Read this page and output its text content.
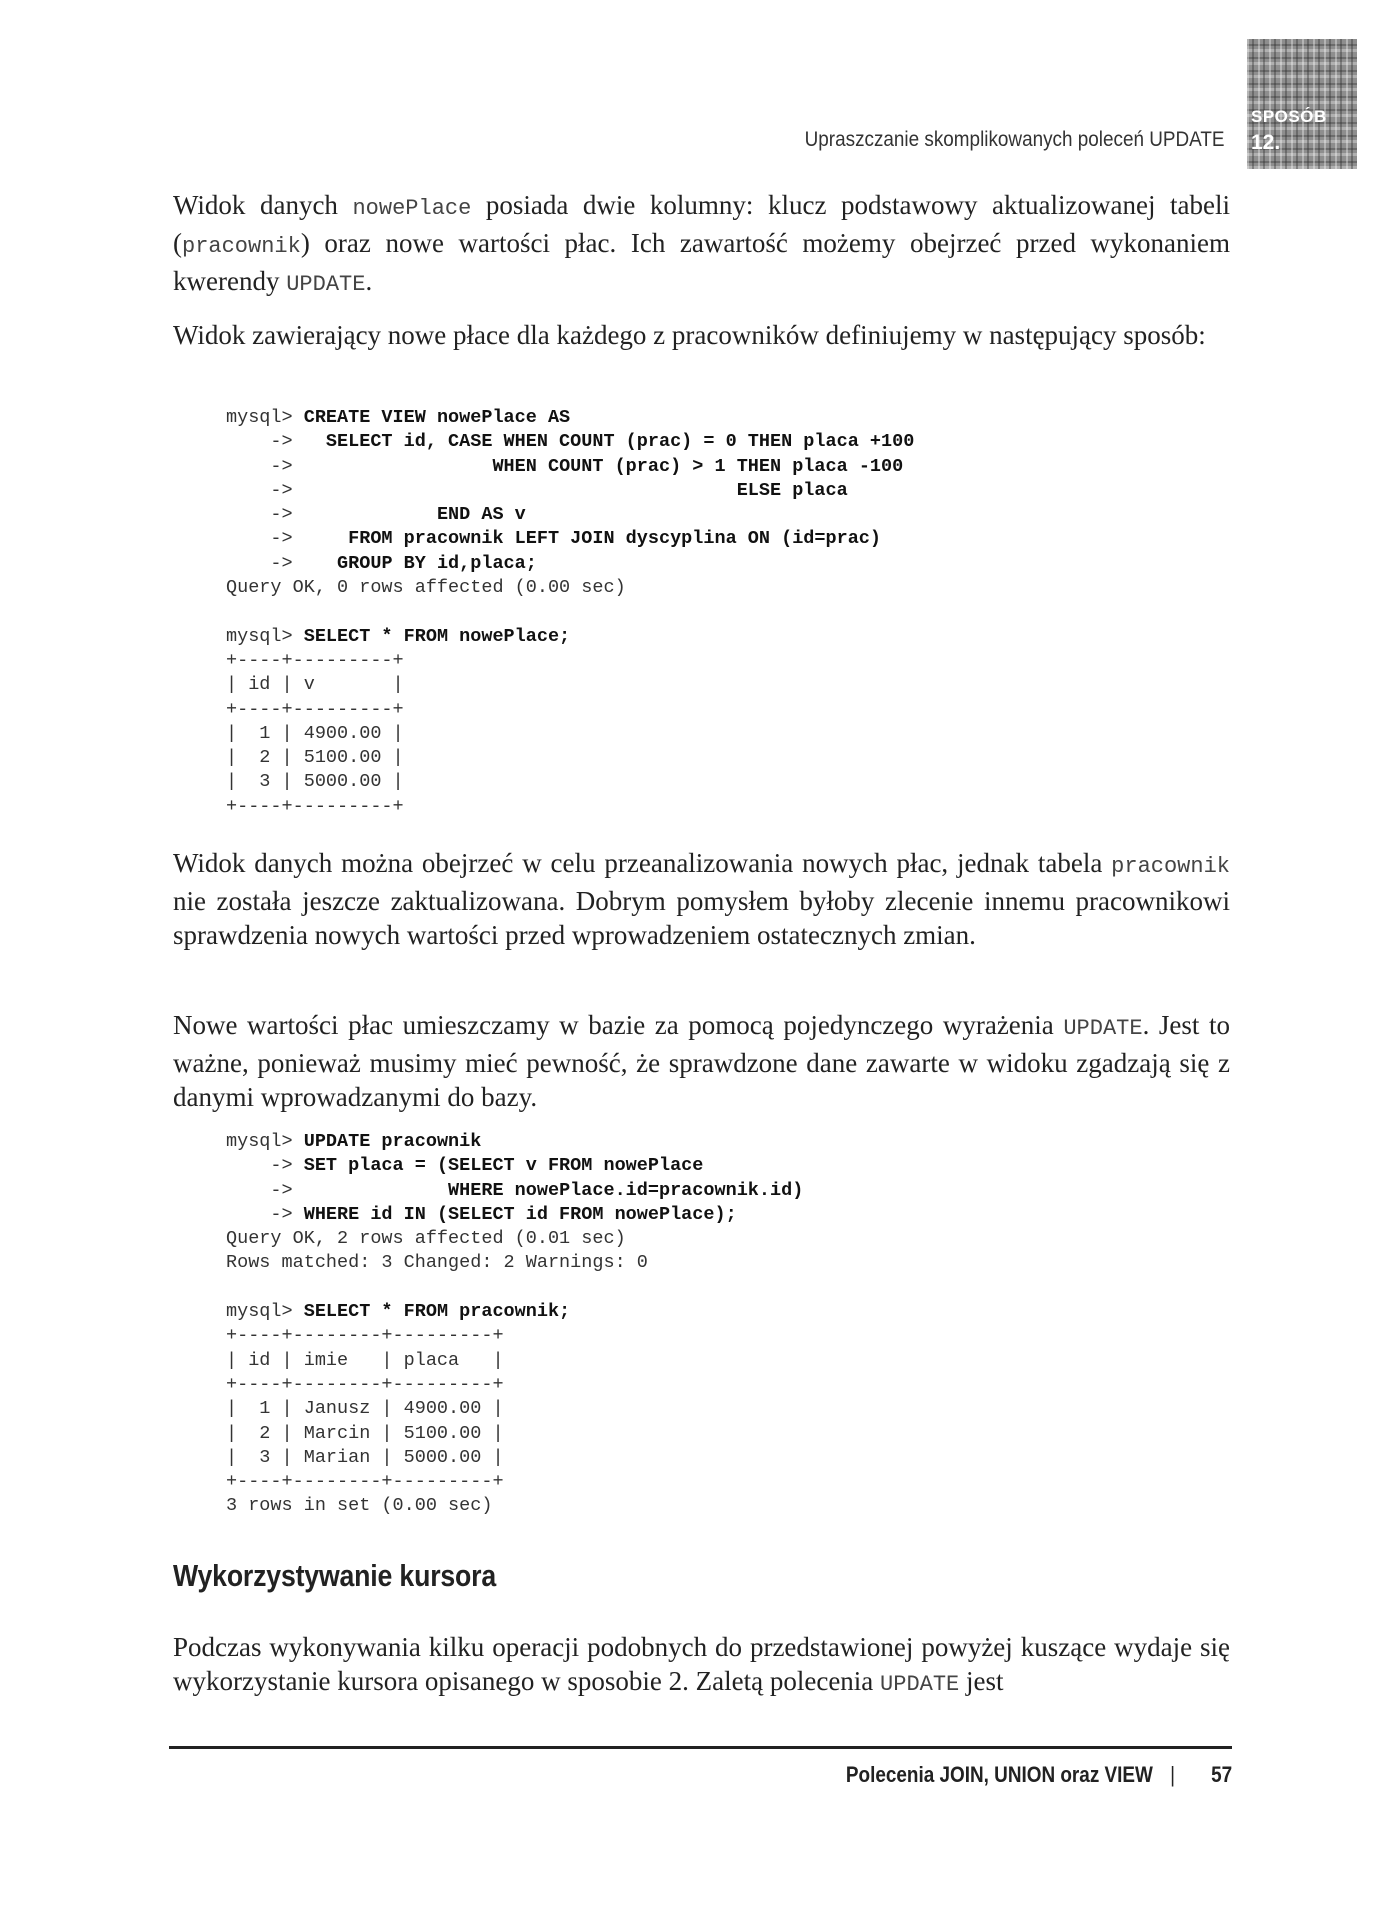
Upraszczanie skomplikowanych poleceń UPDATE
SPOSÓB
12.

Widok danych nowePlace posiada dwie kolumny: klucz podstawowy aktualizowanej tabeli (pracownik) oraz nowe wartości płac. Ich zawartość możemy obejrzeć przed wykonaniem kwerendy UPDATE.

Widok zawierający nowe płace dla każdego z pracowników definiujemy w następujący sposób:

mysql> CREATE VIEW nowePlace AS
->   SELECT id, CASE WHEN COUNT (prac) = 0 THEN placa +100
->                  WHEN COUNT (prac) > 1 THEN placa -100
->                                        ELSE placa
->             END AS v
->     FROM pracownik LEFT JOIN dyscyplina ON (id=prac)
->    GROUP BY id,placa;
Query OK, 0 rows affected (0.00 sec)

mysql> SELECT * FROM nowePlace;
+----+---------+
| id | v       |
+----+---------+
|  1 | 4900.00 |
|  2 | 5100.00 |
|  3 | 5000.00 |
+----+---------+

Widok danych można obejrzeć w celu przeanalizowania nowych płac, jednak tabela pracownik nie została jeszcze zaktualizowana. Dobrym pomysłem byłoby zlecenie innemu pracownikowi sprawdzenia nowych wartości przed wprowadzeniem ostatecznych zmian.

Nowe wartości płac umieszczamy w bazie za pomocą pojedynczego wyrażenia UPDATE. Jest to ważne, ponieważ musimy mieć pewność, że sprawdzone dane zawarte w widoku zgadzają się z danymi wprowadzanymi do bazy.

mysql> UPDATE pracownik
-> SET placa = (SELECT v FROM nowePlace
->              WHERE nowePlace.id=pracownik.id)
-> WHERE id IN (SELECT id FROM nowePlace);
Query OK, 2 rows affected (0.01 sec)
Rows matched: 3 Changed: 2 Warnings: 0

mysql> SELECT * FROM pracownik;
+----+--------+---------+
| id | imie   | placa   |
+----+--------+---------+
|  1 | Janusz | 4900.00 |
|  2 | Marcin | 5100.00 |
|  3 | Marian | 5000.00 |
+----+--------+---------+
3 rows in set (0.00 sec)
Wykorzystywanie kursora

Podczas wykonywania kilku operacji podobnych do przedstawionej powyżej kuszące wydaje się wykorzystanie kursora opisanego w sposobie 2. Zaletą polecenia UPDATE jest

Polecenia JOIN, UNION oraz VIEW | 57
